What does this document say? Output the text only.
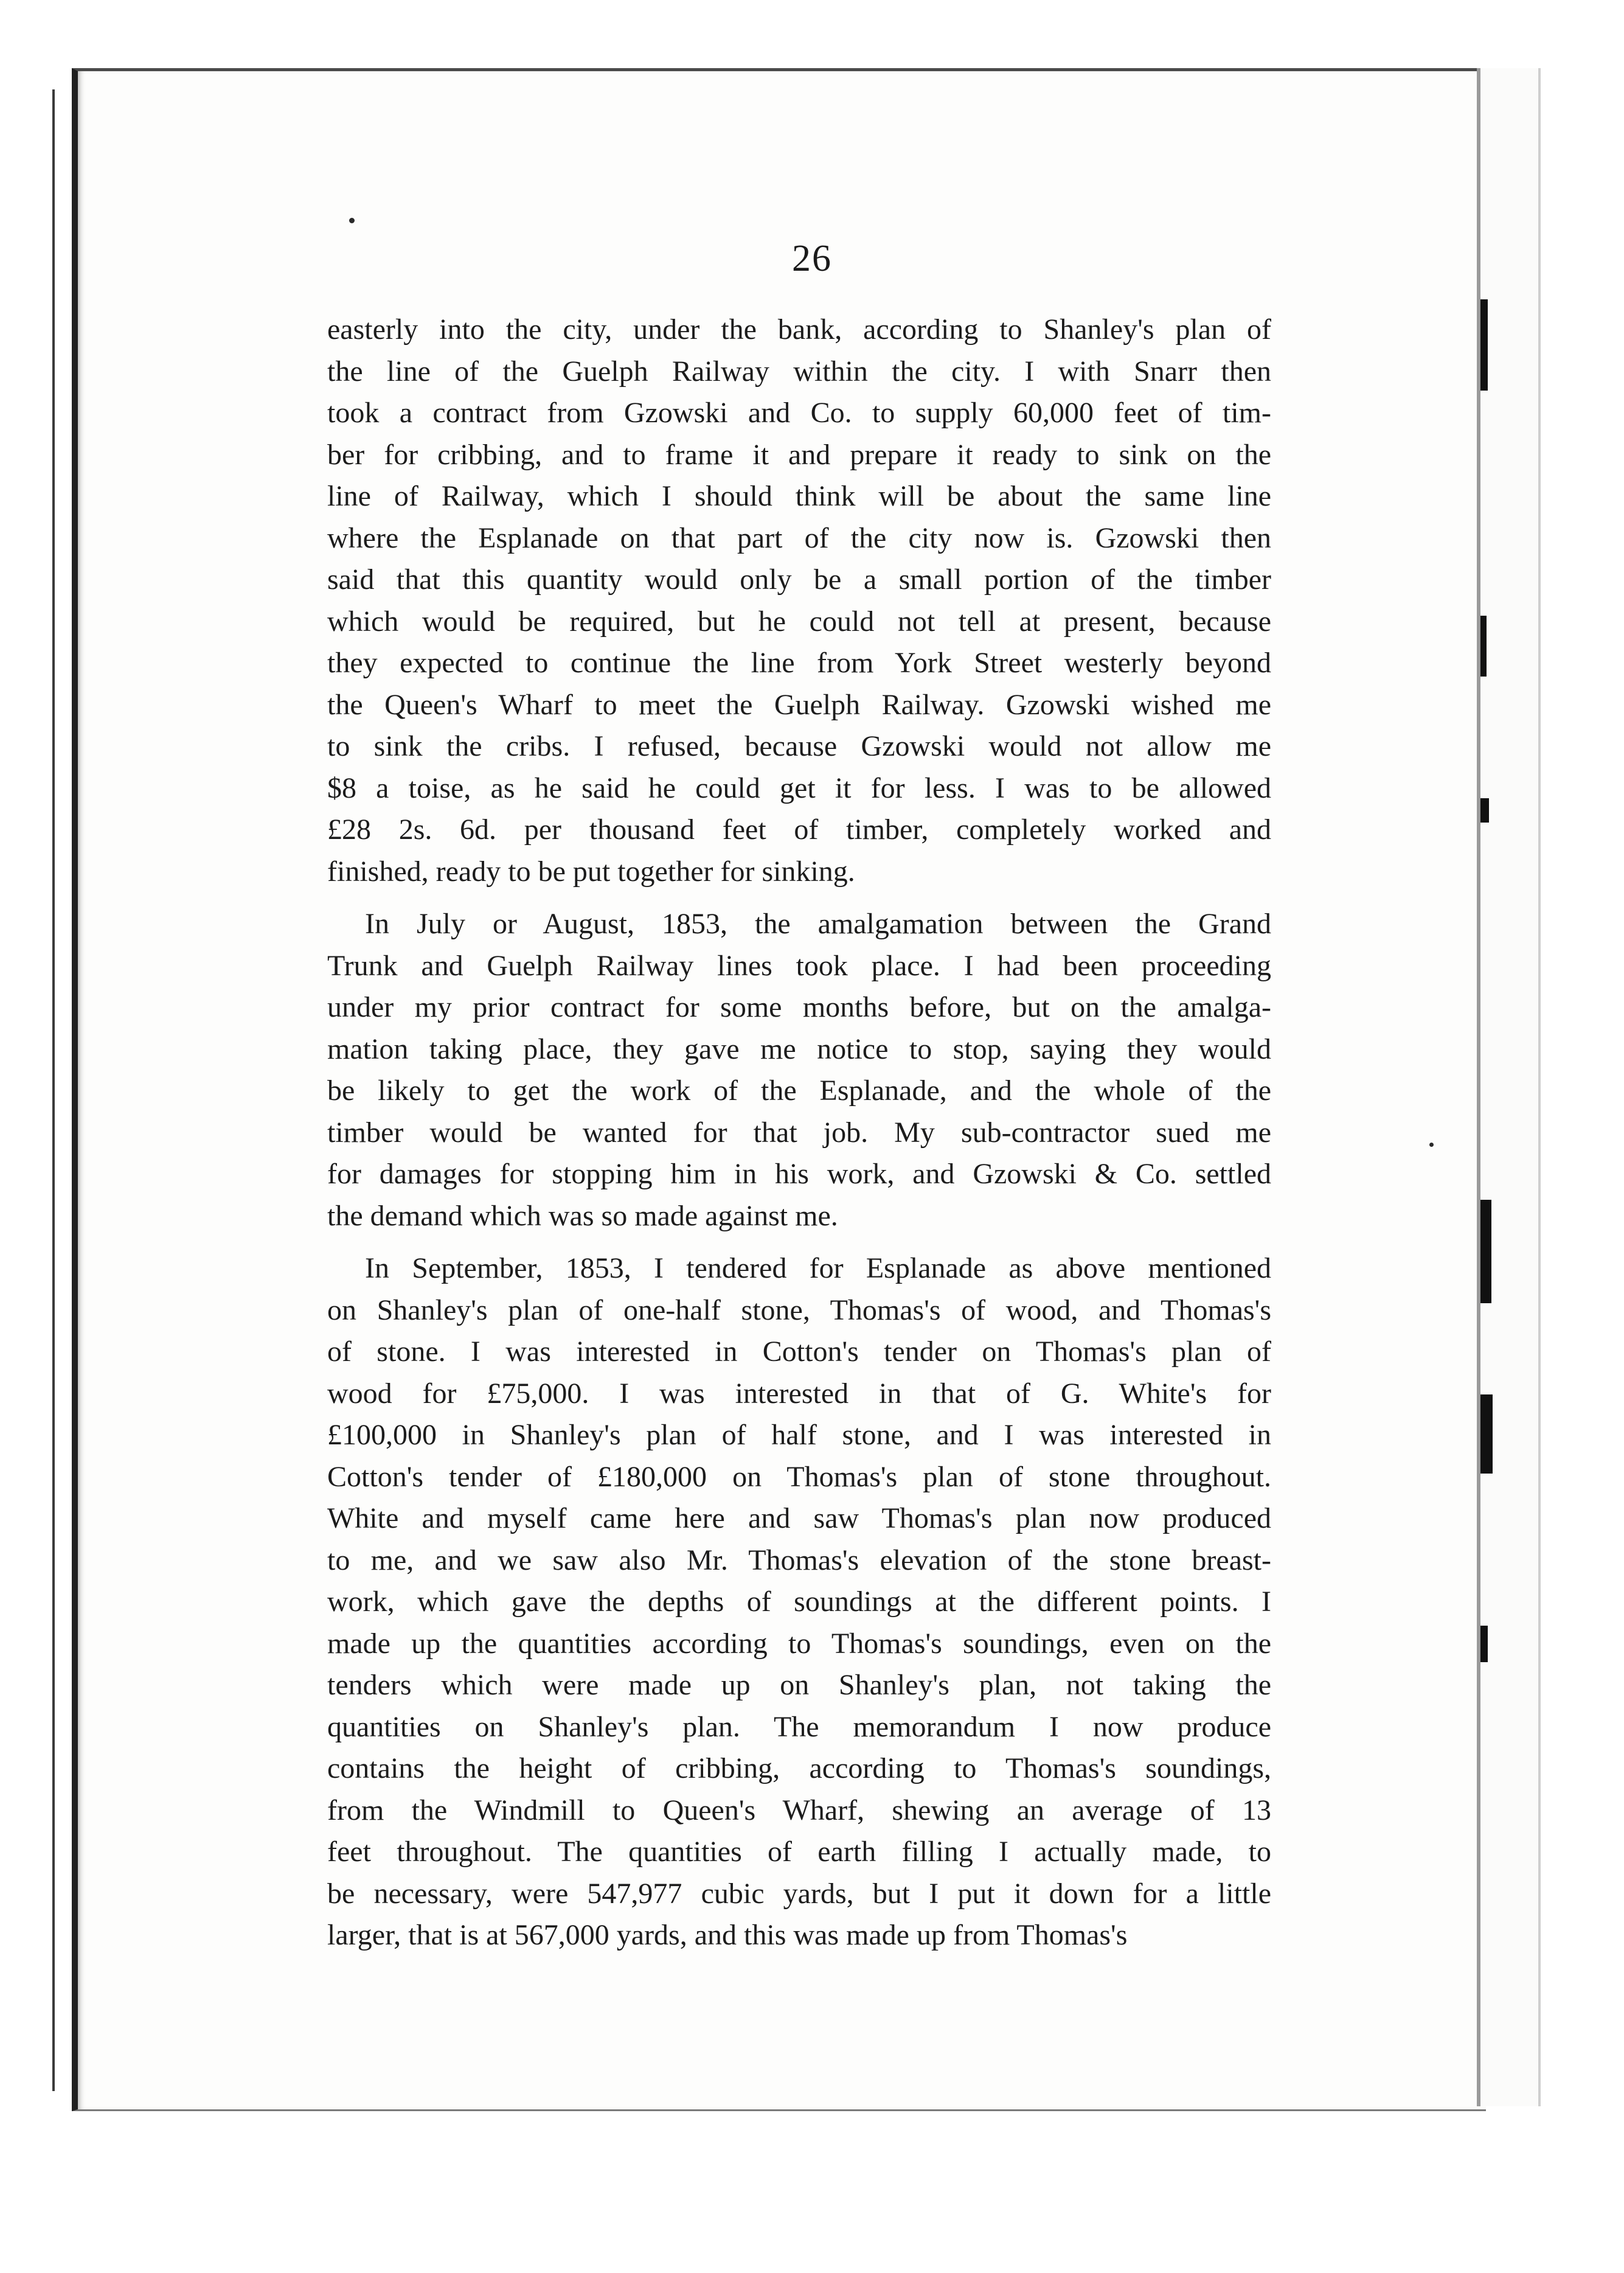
26
easterly into the city, under the bank, according to Shanley's plan of
the line of the Guelph Railway within the city. I with Snarr then
took a contract from Gzowski and Co. to supply 60,000 feet of tim-
ber for cribbing, and to frame it and prepare it ready to sink on the
line of Railway, which I should think will be about the same line
where the Esplanade on that part of the city now is. Gzowski then
said that this quantity would only be a small portion of the timber
which would be required, but he could not tell at present, because
they expected to continue the line from York Street westerly beyond
the Queen's Wharf to meet the Guelph Railway. Gzowski wished me
to sink the cribs. I refused, because Gzowski would not allow me
$8 a toise, as he said he could get it for less. I was to be allowed
£28 2s. 6d. per thousand feet of timber, completely worked and
finished, ready to be put together for sinking.
In July or August, 1853, the amalgamation between the Grand
Trunk and Guelph Railway lines took place. I had been proceeding
under my prior contract for some months before, but on the amalga-
mation taking place, they gave me notice to stop, saying they would
be likely to get the work of the Esplanade, and the whole of the
timber would be wanted for that job. My sub-contractor sued me
for damages for stopping him in his work, and Gzowski & Co. settled
the demand which was so made against me.
In September, 1853, I tendered for Esplanade as above mentioned
on Shanley's plan of one-half stone, Thomas's of wood, and Thomas's
of stone. I was interested in Cotton's tender on Thomas's plan of
wood for £75,000. I was interested in that of G. White's for
£100,000 in Shanley's plan of half stone, and I was interested in
Cotton's tender of £180,000 on Thomas's plan of stone throughout.
White and myself came here and saw Thomas's plan now produced
to me, and we saw also Mr. Thomas's elevation of the stone breast-
work, which gave the depths of soundings at the different points. I
made up the quantities according to Thomas's soundings, even on the
tenders which were made up on Shanley's plan, not taking the
quantities on Shanley's plan. The memorandum I now produce
contains the height of cribbing, according to Thomas's soundings,
from the Windmill to Queen's Wharf, shewing an average of 13
feet throughout. The quantities of earth filling I actually made, to
be necessary, were 547,977 cubic yards, but I put it down for a little
larger, that is at 567,000 yards, and this was made up from Thomas's
